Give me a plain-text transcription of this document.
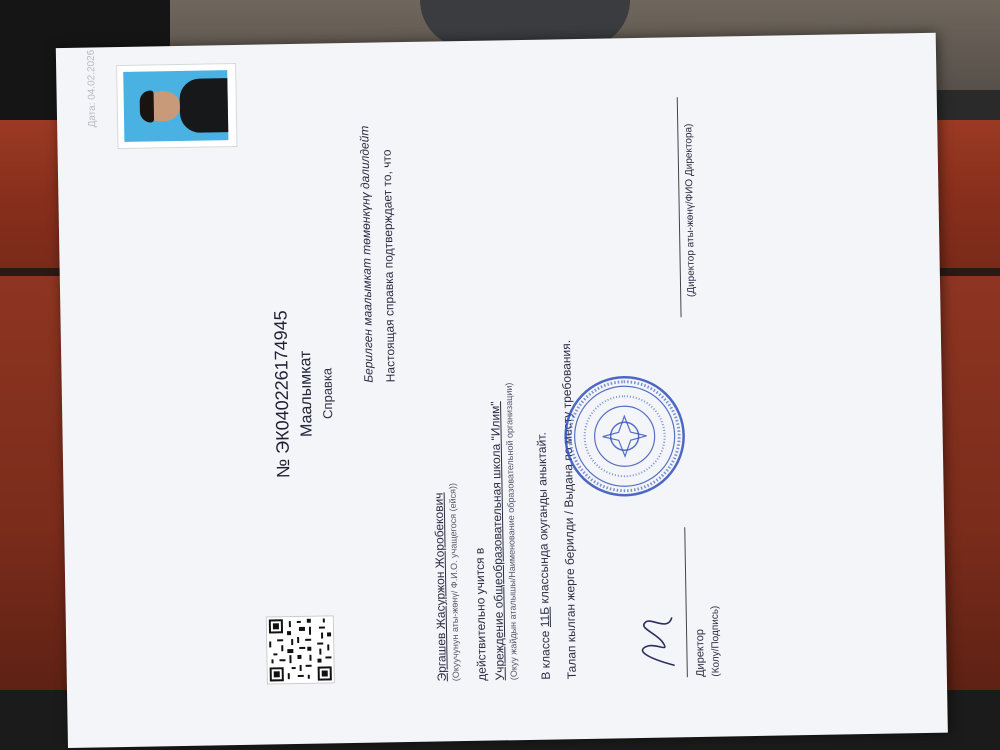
Дата: 04.02.2026
№ ЭК040226174945 Маалымкат Справка
Берилген маалымкат төмөнкүнү далилдейт Настоящая справка подтверждает то, что
Эргашев Жасуржон Жоробекович
(Окуучунун аты-жөнү/ Ф.И.О. учащегося (ейся)) действительно учится в Учреждение общеобразовательная школа "Илим"
(Окуу жайдын аталышы/Наименование образовательной организации) В классе 11Б классында окуганды аныктайт. Талап кылган жерге берилди / Выдана по месту требования.	Директор (Колу/Подпись)
(Директор аты-жөнү/ФИО Директора)
